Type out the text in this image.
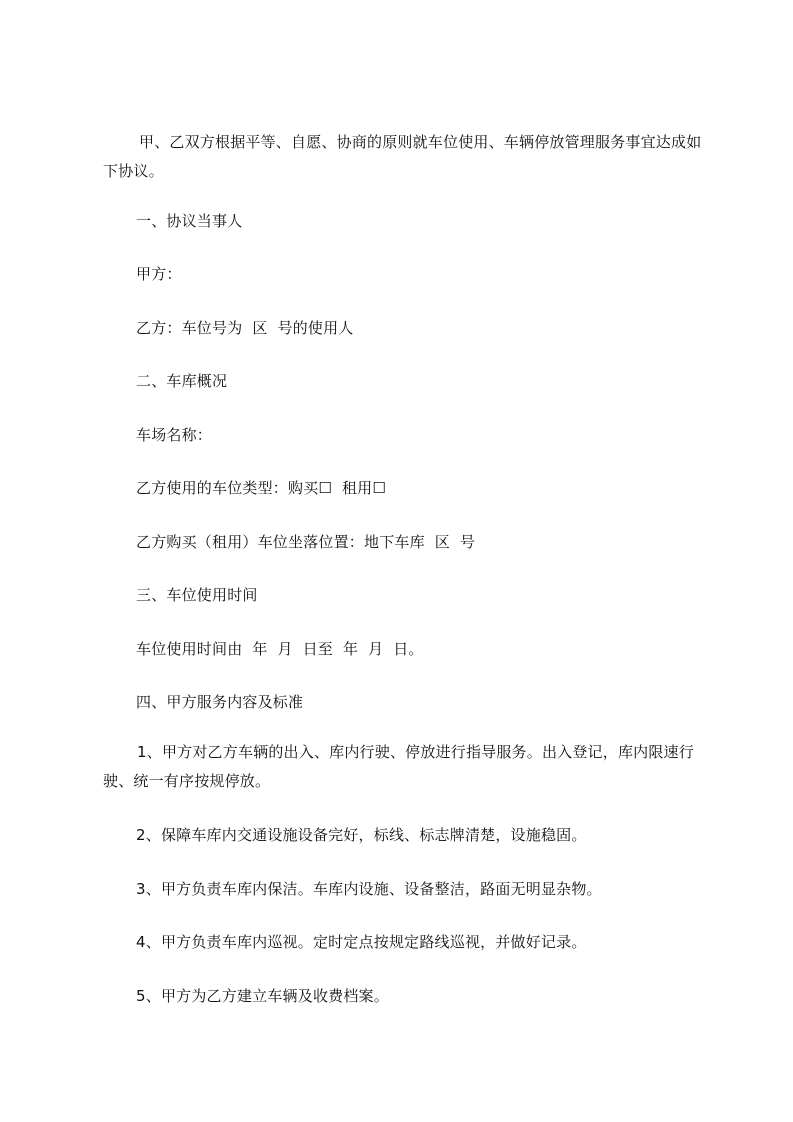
甲、乙双方根据平等、自愿、协商的原则就车位使用、车辆停放管理服务事宜达成如下协议。
一、协议当事人
甲方：
乙方：车位号为  区  号的使用人
二、车库概况
车场名称：
乙方使用的车位类型：购买☐  租用☐
乙方购买（租用）车位坐落位置：地下车库  区  号
三、车位使用时间
车位使用时间由  年  月  日至  年  月  日。
四、甲方服务内容及标准
1、甲方对乙方车辆的出入、库内行驶、停放进行指导服务。出入登记，库内限速行驶、统一有序按规停放。
2、保障车库内交通设施设备完好，标线、标志牌清楚，设施稳固。
3、甲方负责车库内保洁。车库内设施、设备整洁，路面无明显杂物。
4、甲方负责车库内巡视。定时定点按规定路线巡视，并做好记录。
5、甲方为乙方建立车辆及收费档案。
